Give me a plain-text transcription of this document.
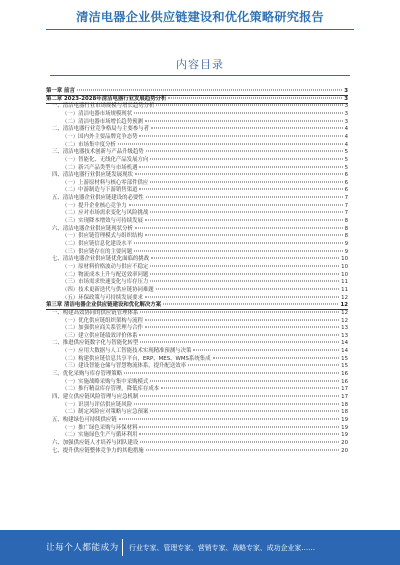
清洁电器企业供应链建设和优化策略研究报告
内容目录
第一章 前言	3
第二章 2023-2028年清洁电器行业发展趋势分析	3
一、清洁电器行业市场规模与增长趋势分析	3
（一）清洁电器市场规模现状	3
（二）清洁电器市场增长趋势预测	3
二、清洁电器行业竞争格局与主要参与者	4
（一）国内外主要品牌竞争态势	4
（二）市场集中度分析	4
三、清洁电器技术创新与产品升级趋势	5
（一）智能化、无线化产品发展方向	5
（二）新兴产品类型与市场机遇	5
四、清洁电器行业供应链发展现状	6
（一）上游原材料与核心零部件供应	6
（二）中游制造与下游销售渠道	6
五、清洁电器企业供应链建设的必要性	7
（一）提升企业核心竞争力	7
（二）应对市场需求变化与风险挑战	7
（三）实现降本增效与可持续发展	8
六、清洁电器企业供应链现状分析	8
（一）供应链管理模式与组织结构	8
（二）供应链信息化建设水平	9
（三）供应链存在的主要问题	9
七、清洁电器企业供应链优化面临的挑战	10
（一）原材料价格波动与供应不稳定	10
（二）物流成本上升与配送效率问题	10
（三）市场需求快速变化与库存压力	11
（四）技术更新迭代与供应链协同难题	11
（五）环保政策与可持续发展要求	12
第三章 清洁电器企业供应链建设和优化解决方案	12
一、构建高效协同的供应链管理体系	12
（一）优化供应链组织架构与流程	12
（二）加强供应商关系管理与合作	13
（三）建立供应链绩效评价体系	13
二、推进供应链数字化与智能化转型	14
（一）应用大数据与人工智能技术实现精准预测与决策	14
（二）构建供应链信息共享平台，ERP、MES、WMS系统集成	15
（三）建设智能仓储与智慧物流体系，提升配送效率	15
三、优化采购与库存管理策略	16
（一）实施战略采购与集中采购模式	16
（二）推行精益库存管理，降低库存成本	17
四、建立供应链风险管理与应急机制	17
（一）识别与评估供应链风险	18
（二）制定风险应对策略与应急预案	18
五、构建绿色可持续供应链	19
（一）推广绿色采购与环保材料	19
（二）实施绿色生产与循环利用	19
六、加强供应链人才培养与团队建设	20
七、提升供应链整体竞争力的其他措施	20
让每个人都能成为 行业专家、管理专家、营销专家、战略专家、成功企业家……
